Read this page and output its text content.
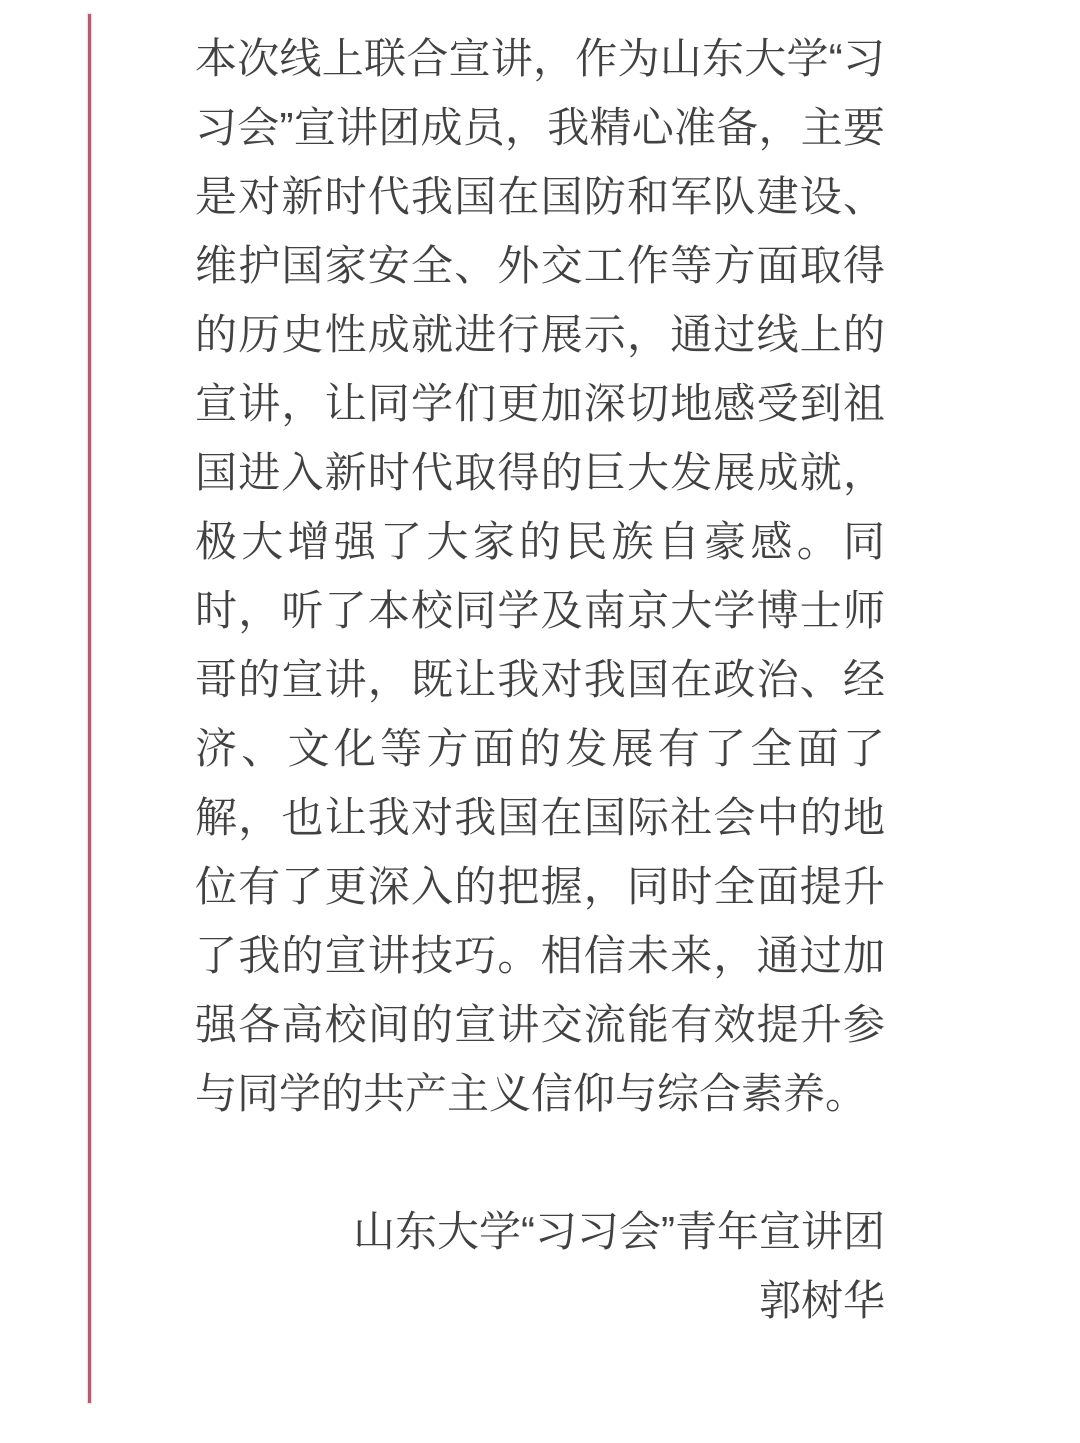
本次线上联合宣讲，作为山东大学“习
习会”宣讲团成员，我精心准备，主要
是对新时代我国在国防和军队建设、
维护国家安全、外交工作等方面取得
的历史性成就进行展示，通过线上的
宣讲，让同学们更加深切地感受到祖
国进入新时代取得的巨大发展成就，
极大增强了大家的民族自豪感。同
时，听了本校同学及南京大学博士师
哥的宣讲，既让我对我国在政治、经
济、文化等方面的发展有了全面了
解，也让我对我国在国际社会中的地
位有了更深入的把握，同时全面提升
了我的宣讲技巧。相信未来，通过加
强各高校间的宣讲交流能有效提升参
与同学的共产主义信仰与综合素养。
山东大学“习习会”青年宣讲团
郭树华
